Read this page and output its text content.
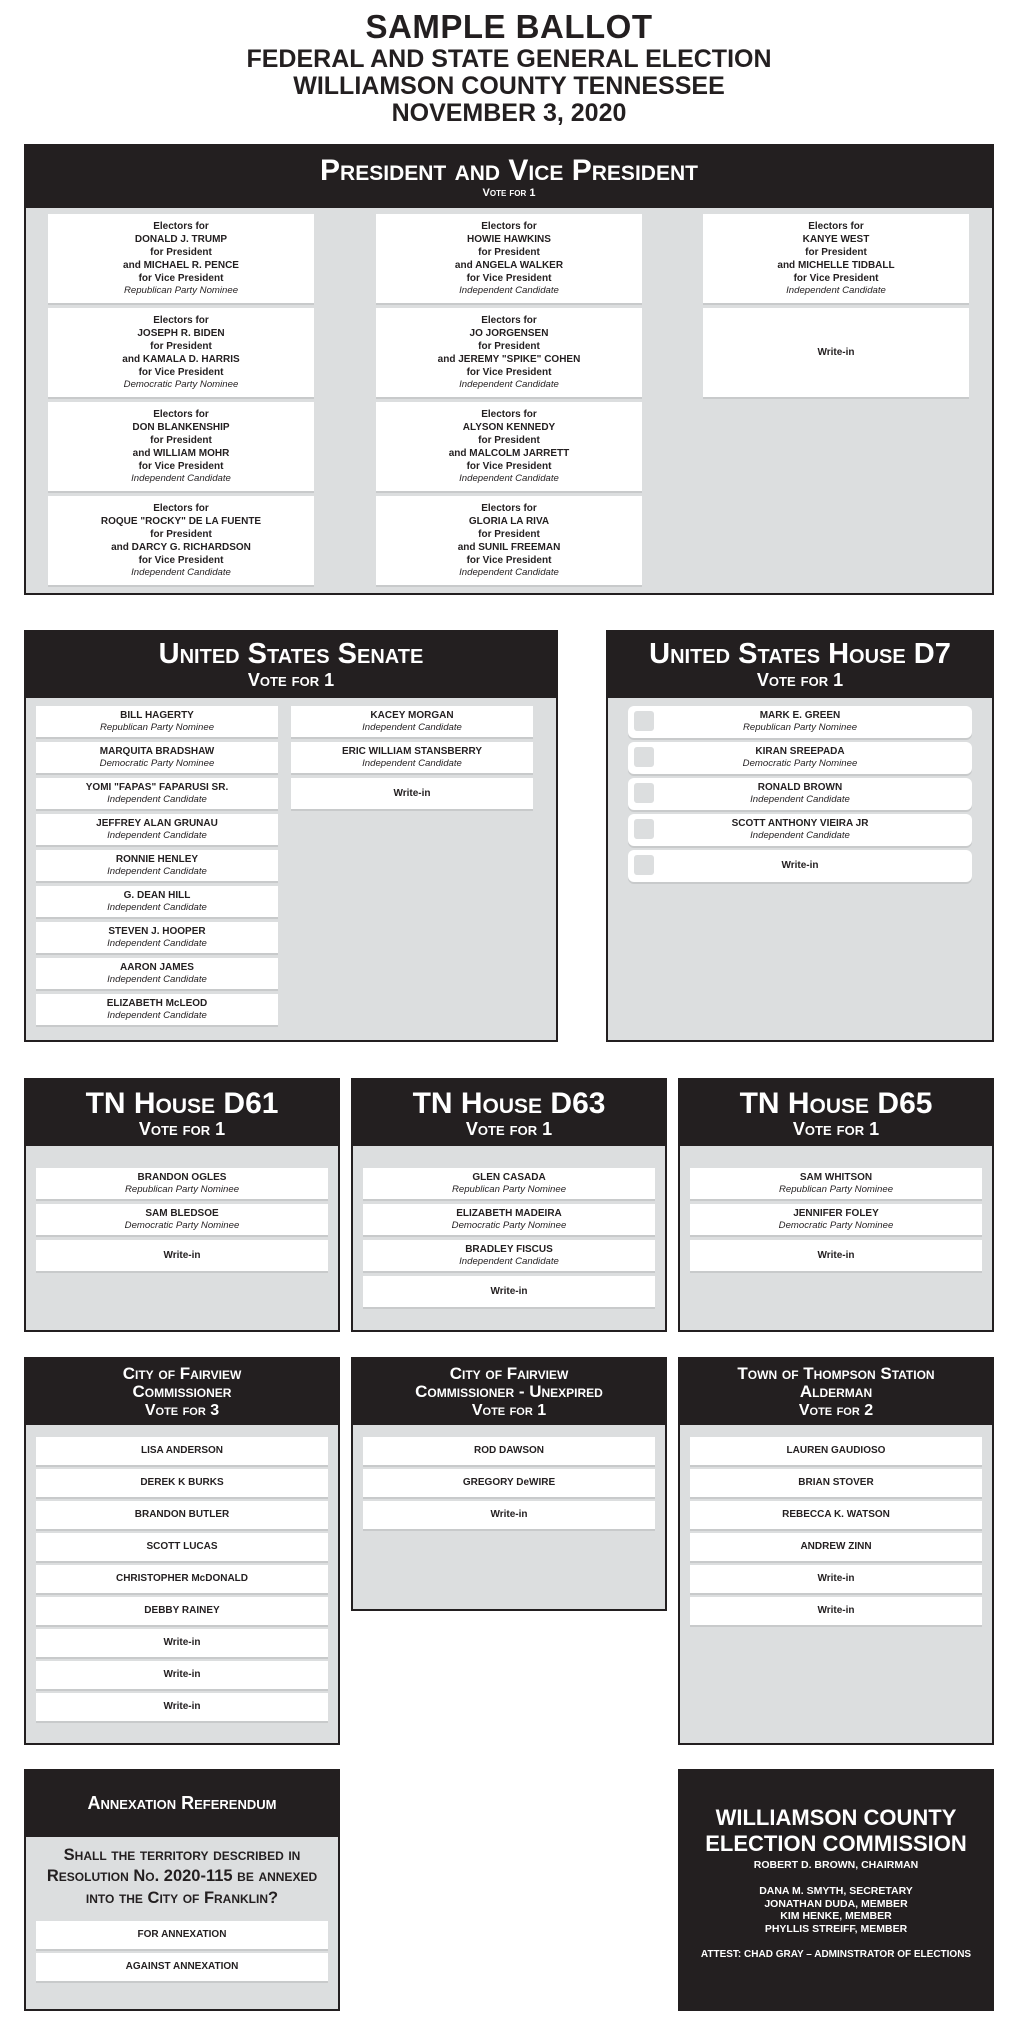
SAMPLE BALLOT
FEDERAL AND STATE GENERAL ELECTION
WILLIAMSON COUNTY TENNESSEE
NOVEMBER 3, 2020
President and Vice President
Vote for 1
Electors for
DONALD J. TRUMP
for President
and MICHAEL R. PENCE
for Vice President
Republican Party Nominee
Electors for
JOSEPH R. BIDEN
for President
and KAMALA D. HARRIS
for Vice President
Democratic Party Nominee
Electors for
DON BLANKENSHIP
for President
and WILLIAM MOHR
for Vice President
Independent Candidate
Electors for
ROQUE "ROCKY" DE LA FUENTE
for President
and DARCY G. RICHARDSON
for Vice President
Independent Candidate
Electors for
HOWIE HAWKINS
for President
and ANGELA WALKER
for Vice President
Independent Candidate
Electors for
JO JORGENSEN
for President
and JEREMY "SPIKE" COHEN
for Vice President
Independent Candidate
Electors for
ALYSON KENNEDY
for President
and MALCOLM JARRETT
for Vice President
Independent Candidate
Electors for
GLORIA LA RIVA
for President
and SUNIL FREEMAN
for Vice President
Independent Candidate
Electors for
KANYE WEST
for President
and MICHELLE TIDBALL
for Vice President
Independent Candidate
Write-in
United States Senate
Vote for 1
BILL HAGERTY
Republican Party Nominee
MARQUITA BRADSHAW
Democratic Party Nominee
YOMI "FAPAS" FAPARUSI SR.
Independent Candidate
JEFFREY ALAN GRUNAU
Independent Candidate
RONNIE HENLEY
Independent Candidate
G. DEAN HILL
Independent Candidate
STEVEN J. HOOPER
Independent Candidate
AARON JAMES
Independent Candidate
ELIZABETH McLEOD
Independent Candidate
KACEY MORGAN
Independent Candidate
ERIC WILLIAM STANSBERRY
Independent Candidate
Write-in
United States House D7
Vote for 1
MARK E. GREEN
Republican Party Nominee
KIRAN SREEPADA
Democratic Party Nominee
RONALD BROWN
Independent Candidate
SCOTT ANTHONY VIEIRA JR
Independent Candidate
Write-in
TN House D61
Vote for 1
BRANDON OGLES
Republican Party Nominee
SAM BLEDSOE
Democratic Party Nominee
Write-in
TN House D63
Vote for 1
GLEN CASADA
Republican Party Nominee
ELIZABETH MADEIRA
Democratic Party Nominee
BRADLEY FISCUS
Independent Candidate
Write-in
TN House D65
Vote for 1
SAM WHITSON
Republican Party Nominee
JENNIFER FOLEY
Democratic Party Nominee
Write-in
City of Fairview
Commissioner
Vote for 3
LISA ANDERSON
DEREK K BURKS
BRANDON BUTLER
SCOTT LUCAS
CHRISTOPHER McDONALD
DEBBY RAINEY
Write-in
Write-in
Write-in
City of Fairview
Commissioner - Unexpired
Vote for 1
ROD DAWSON
GREGORY DeWIRE
Write-in
Town of Thompson Station
Alderman
Vote for 2
LAUREN GAUDIOSO
BRIAN STOVER
REBECCA K. WATSON
ANDREW ZINN
Write-in
Write-in
Annexation Referendum
Shall the territory described in Resolution No. 2020-115 be annexed into the City of Franklin?
FOR ANNEXATION
AGAINST ANNEXATION
WILLIAMSON COUNTY
ELECTION COMMISSION
ROBERT D. BROWN, CHAIRMAN
DANA M. SMYTH, SECRETARY
JONATHAN DUDA, MEMBER
KIM HENKE, MEMBER
PHYLLIS STREIFF, MEMBER
ATTEST: CHAD GRAY – ADMINSTRATOR OF ELECTIONS
